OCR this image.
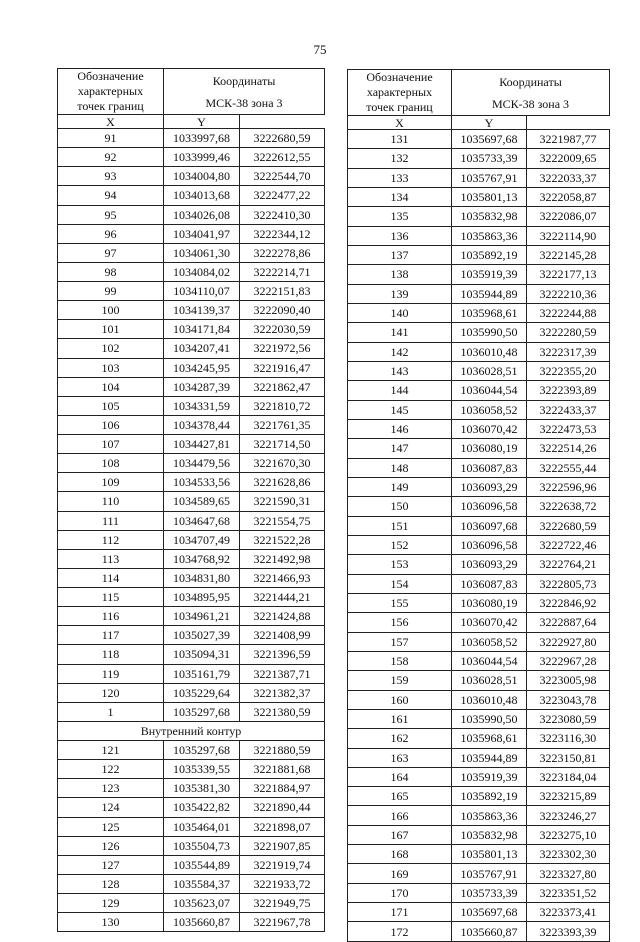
75
Обозначение
характерных
точек границ	Координаты	
	МСК-38 зона 3	
X	Y	
91	1033997,68	3222680,59
92	1033999,46	3222612,55
93	1034004,80	3222544,70
94	1034013,68	3222477,22
95	1034026,08	3222410,30
96	1034041,97	3222344,12
97	1034061,30	3222278,86
98	1034084,02	3222214,71
99	1034110,07	3222151,83
100	1034139,37	3222090,40
101	1034171,84	3222030,59
102	1034207,41	3221972,56
103	1034245,95	3221916,47
104	1034287,39	3221862,47
105	1034331,59	3221810,72
106	1034378,44	3221761,35
107	1034427,81	3221714,50
108	1034479,56	3221670,30
109	1034533,56	3221628,86
110	1034589,65	3221590,31
111	1034647,68	3221554,75
112	1034707,49	3221522,28
113	1034768,92	3221492,98
114	1034831,80	3221466,93
115	1034895,95	3221444,21
116	1034961,21	3221424,88
117	1035027,39	3221408,99
118	1035094,31	3221396,59
119	1035161,79	3221387,71
120	1035229,64	3221382,37
1	1035297,68	3221380,59
Внутренний контур		
121	1035297,68	3221880,59
122	1035339,55	3221881,68
123	1035381,30	3221884,97
124	1035422,82	3221890,44
125	1035464,01	3221898,07
126	1035504,73	3221907,85
127	1035544,89	3221919,74
128	1035584,37	3221933,72
129	1035623,07	3221949,75
130	1035660,87	3221967,78
Обозначение
характерных
точек границ	Координаты	
	МСК-38 зона 3	
X	Y	
131	1035697,68	3221987,77
132	1035733,39	3222009,65
133	1035767,91	3222033,37
134	1035801,13	3222058,87
135	1035832,98	3222086,07
136	1035863,36	3222114,90
137	1035892,19	3222145,28
138	1035919,39	3222177,13
139	1035944,89	3222210,36
140	1035968,61	3222244,88
141	1035990,50	3222280,59
142	1036010,48	3222317,39
143	1036028,51	3222355,20
144	1036044,54	3222393,89
145	1036058,52	3222433,37
146	1036070,42	3222473,53
147	1036080,19	3222514,26
148	1036087,83	3222555,44
149	1036093,29	3222596,96
150	1036096,58	3222638,72
151	1036097,68	3222680,59
152	1036096,58	3222722,46
153	1036093,29	3222764,21
154	1036087,83	3222805,73
155	1036080,19	3222846,92
156	1036070,42	3222887,64
157	1036058,52	3222927,80
158	1036044,54	3222967,28
159	1036028,51	3223005,98
160	1036010,48	3223043,78
161	1035990,50	3223080,59
162	1035968,61	3223116,30
163	1035944,89	3223150,81
164	1035919,39	3223184,04
165	1035892,19	3223215,89
166	1035863,36	3223246,27
167	1035832,98	3223275,10
168	1035801,13	3223302,30
169	1035767,91	3223327,80
170	1035733,39	3223351,52
171	1035697,68	3223373,41
172	1035660,87	3223393,39
